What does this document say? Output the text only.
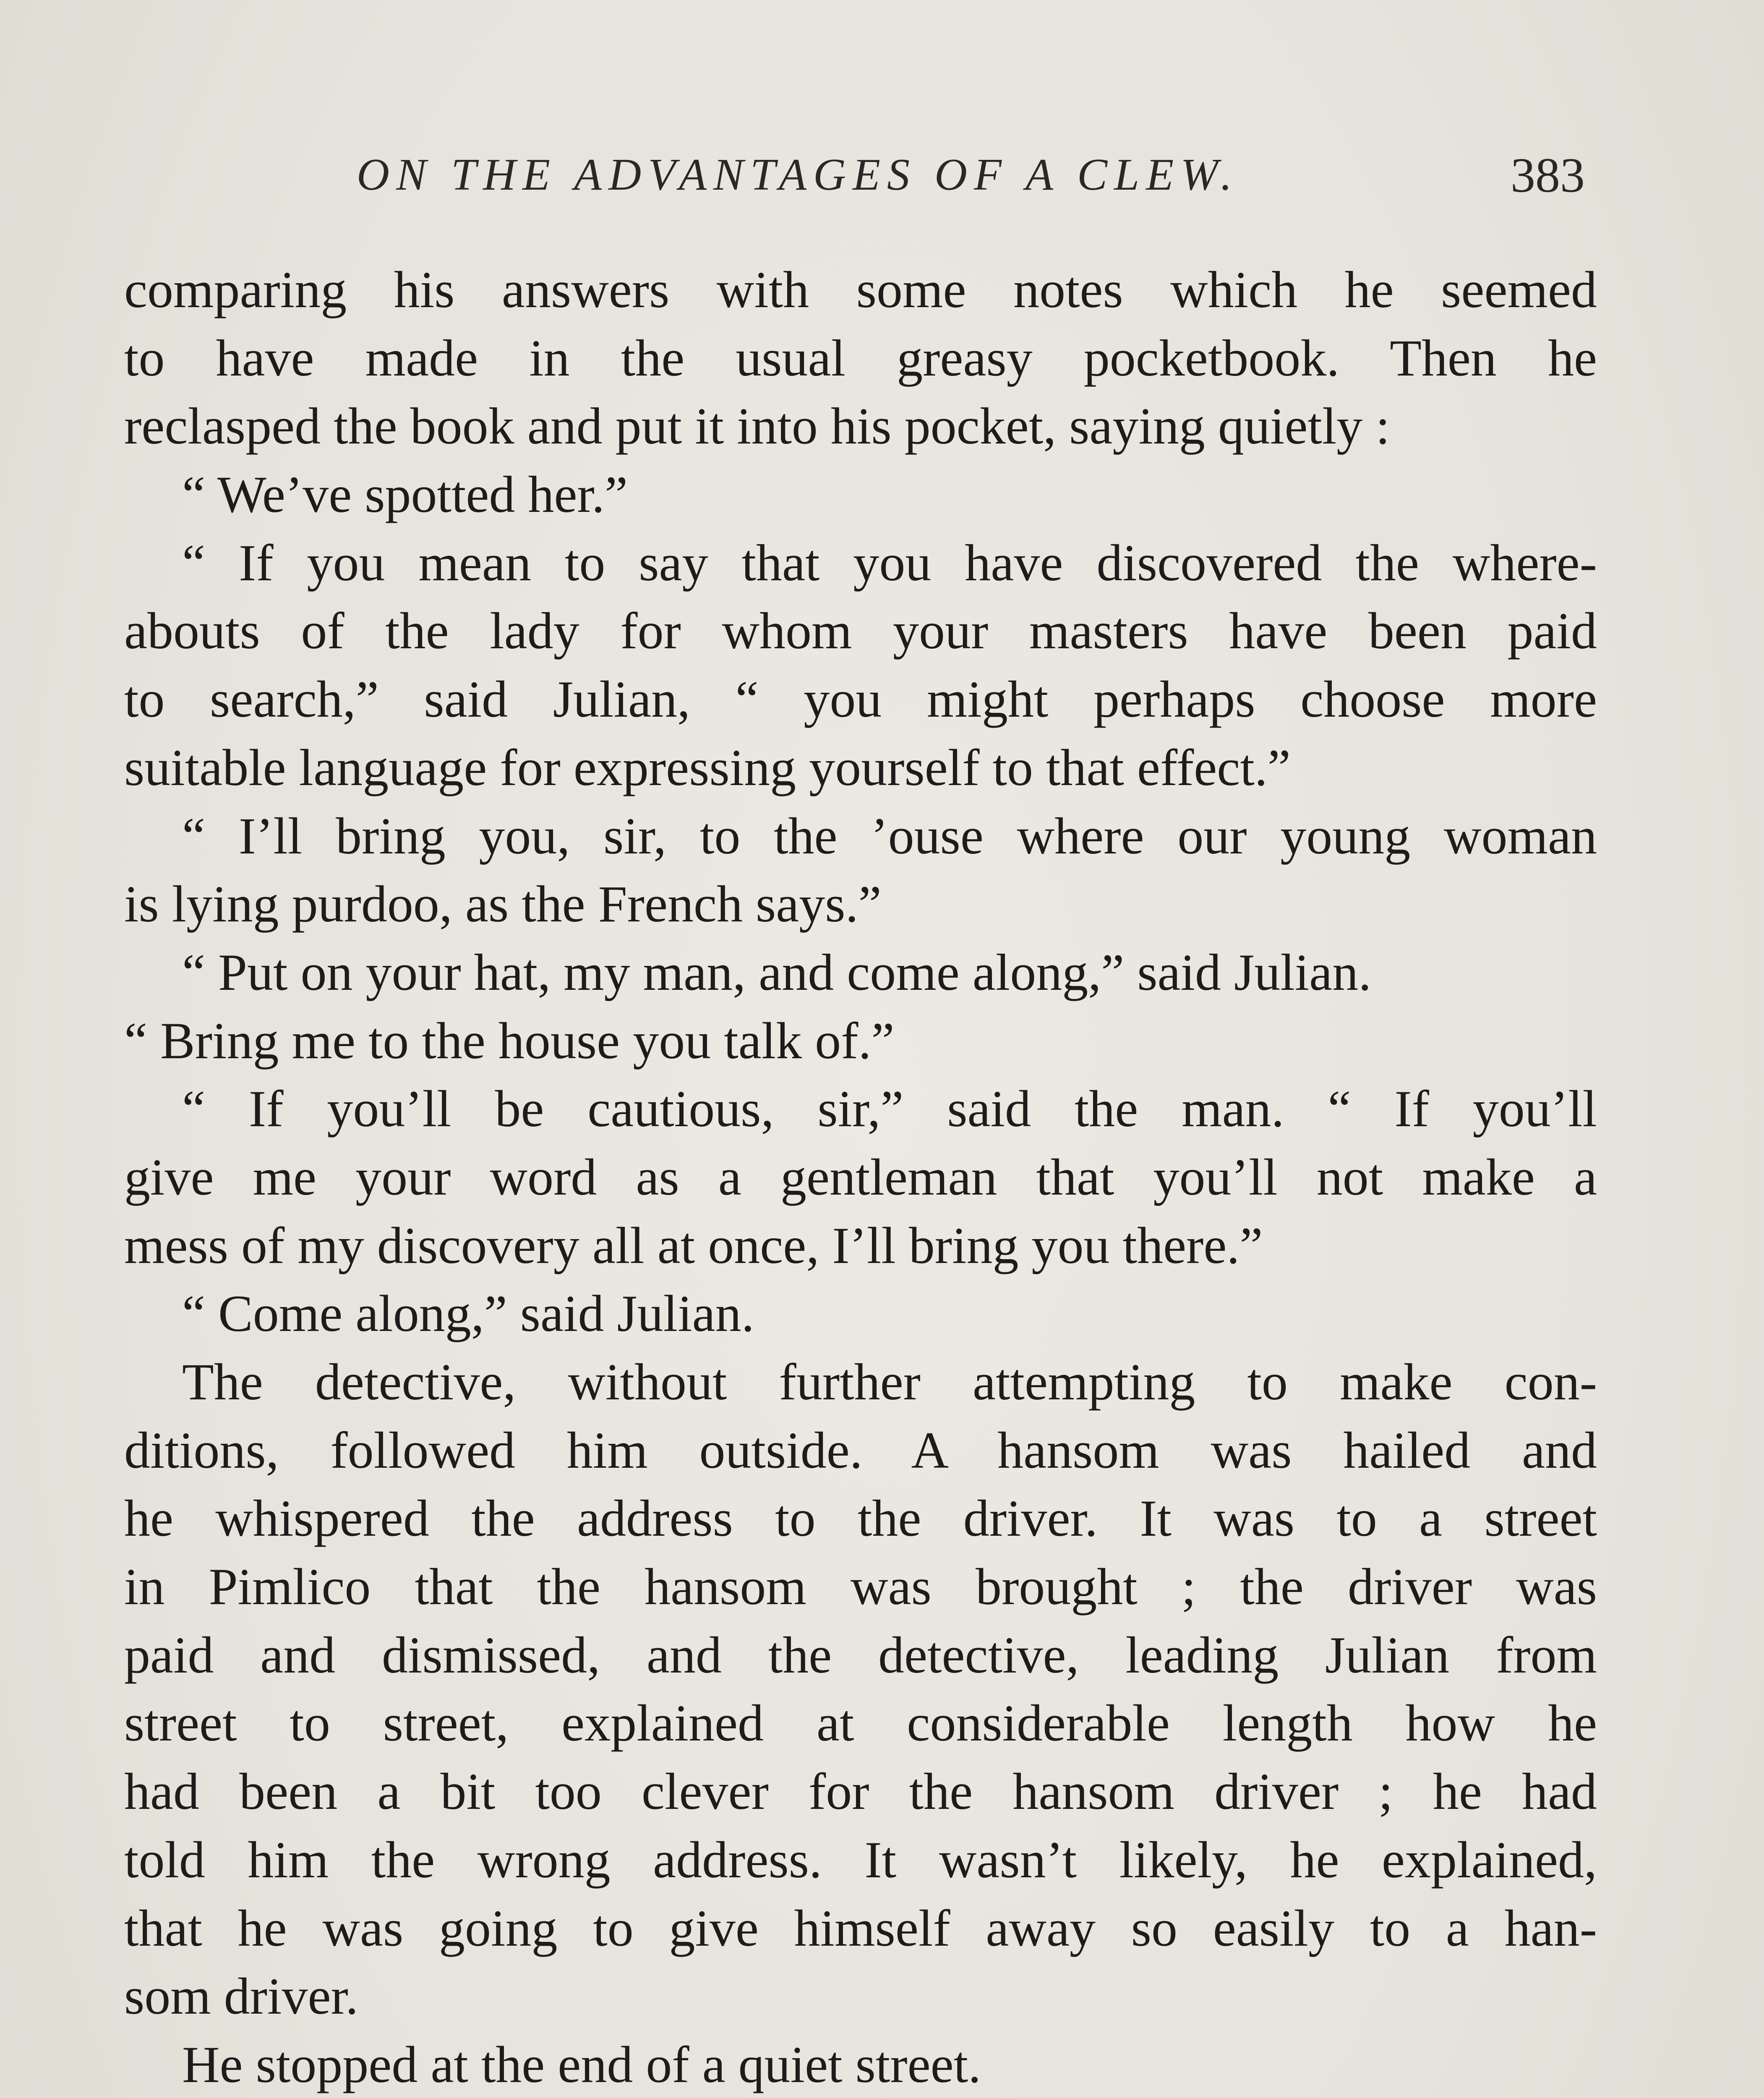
ON THE ADVANTAGES OF A CLEW.	383
comparing his answers with some notes which he seemed
to have made in the usual greasy pocketbook. Then he
reclasped the book and put it into his pocket, saying quietly :
“ We’ve spotted her.”
“ If you mean to say that you have discovered the where-
abouts of the lady for whom your masters have been paid
to search,” said Julian, “ you might perhaps choose more
suitable language for expressing yourself to that effect.”
“ I’ll bring you, sir, to the ’ouse where our young woman
is lying purdoo, as the French says.”
“ Put on your hat, my man, and come along,” said Julian.
“ Bring me to the house you talk of.”
“ If you’ll be cautious, sir,” said the man. “ If you’ll
give me your word as a gentleman that you’ll not make a
mess of my discovery all at once, I’ll bring you there.”
“ Come along,” said Julian.
The detective, without further attempting to make con-
ditions, followed him outside. A hansom was hailed and
he whispered the address to the driver. It was to a street
in Pimlico that the hansom was brought ; the driver was
paid and dismissed, and the detective, leading Julian from
street to street, explained at considerable length how he
had been a bit too clever for the hansom driver ; he had
told him the wrong address. It wasn’t likely, he explained,
that he was going to give himself away so easily to a han-
som driver.
He stopped at the end of a quiet street.
